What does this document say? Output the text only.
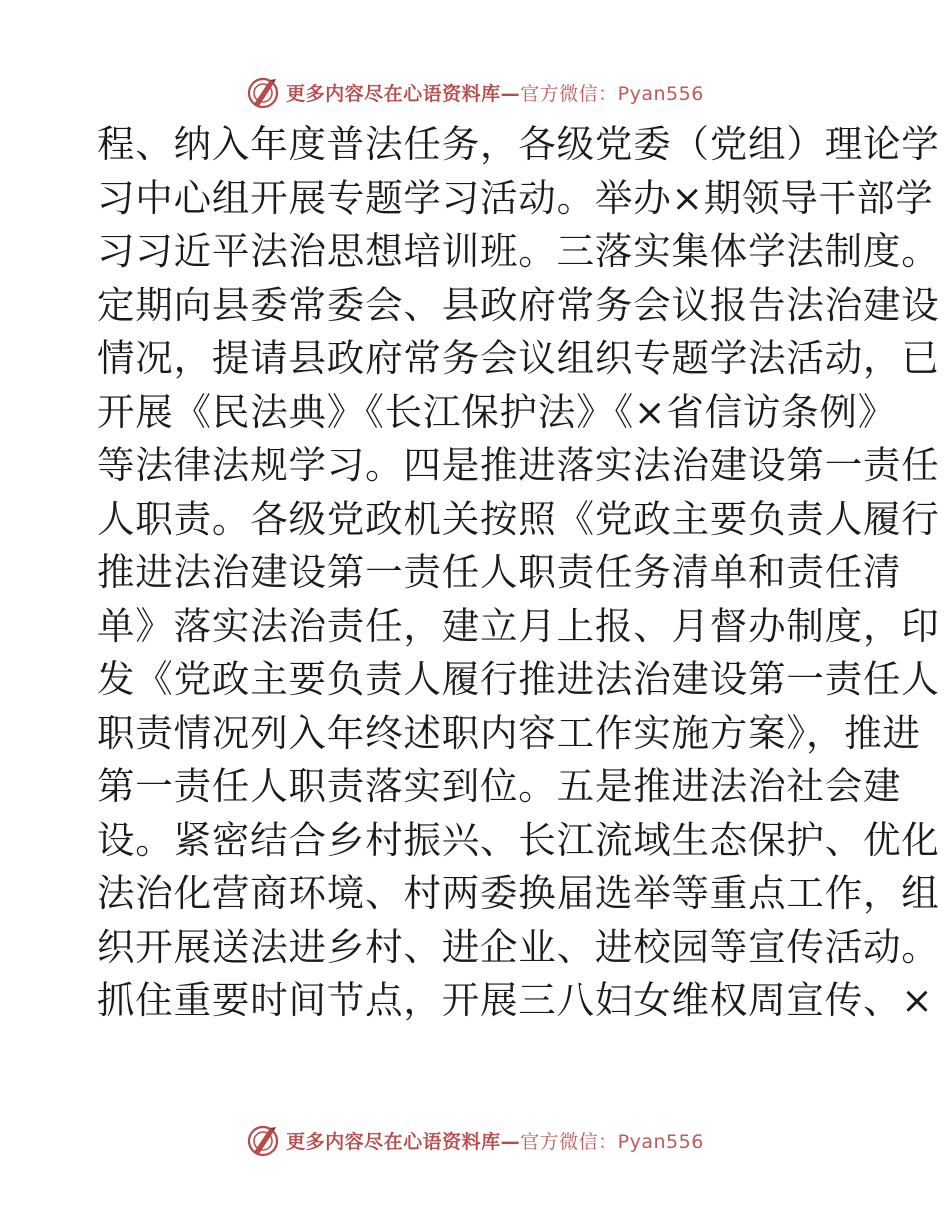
更多内容尽在心语资料库—官方微信：Pyan556
程、纳入年度普法任务，各级党委（党组）理论学
习中心组开展专题学习活动。举办×期领导干部学
习习近平法治思想培训班。三落实集体学法制度。
定期向县委常委会、县政府常务会议报告法治建设
情况，提请县政府常务会议组织专题学法活动，已
开展《民法典》《长江保护法》《×省信访条例》
等法律法规学习。四是推进落实法治建设第一责任
人职责。各级党政机关按照《党政主要负责人履行
推进法治建设第一责任人职责任务清单和责任清
单》落实法治责任，建立月上报、月督办制度，印
发《党政主要负责人履行推进法治建设第一责任人
职责情况列入年终述职内容工作实施方案》，推进
第一责任人职责落实到位。五是推进法治社会建
设。紧密结合乡村振兴、长江流域生态保护、优化
法治化营商环境、村两委换届选举等重点工作，组
织开展送法进乡村、进企业、进校园等宣传活动。
抓住重要时间节点，开展三八妇女维权周宣传、×
更多内容尽在心语资料库—官方微信：Pyan556
